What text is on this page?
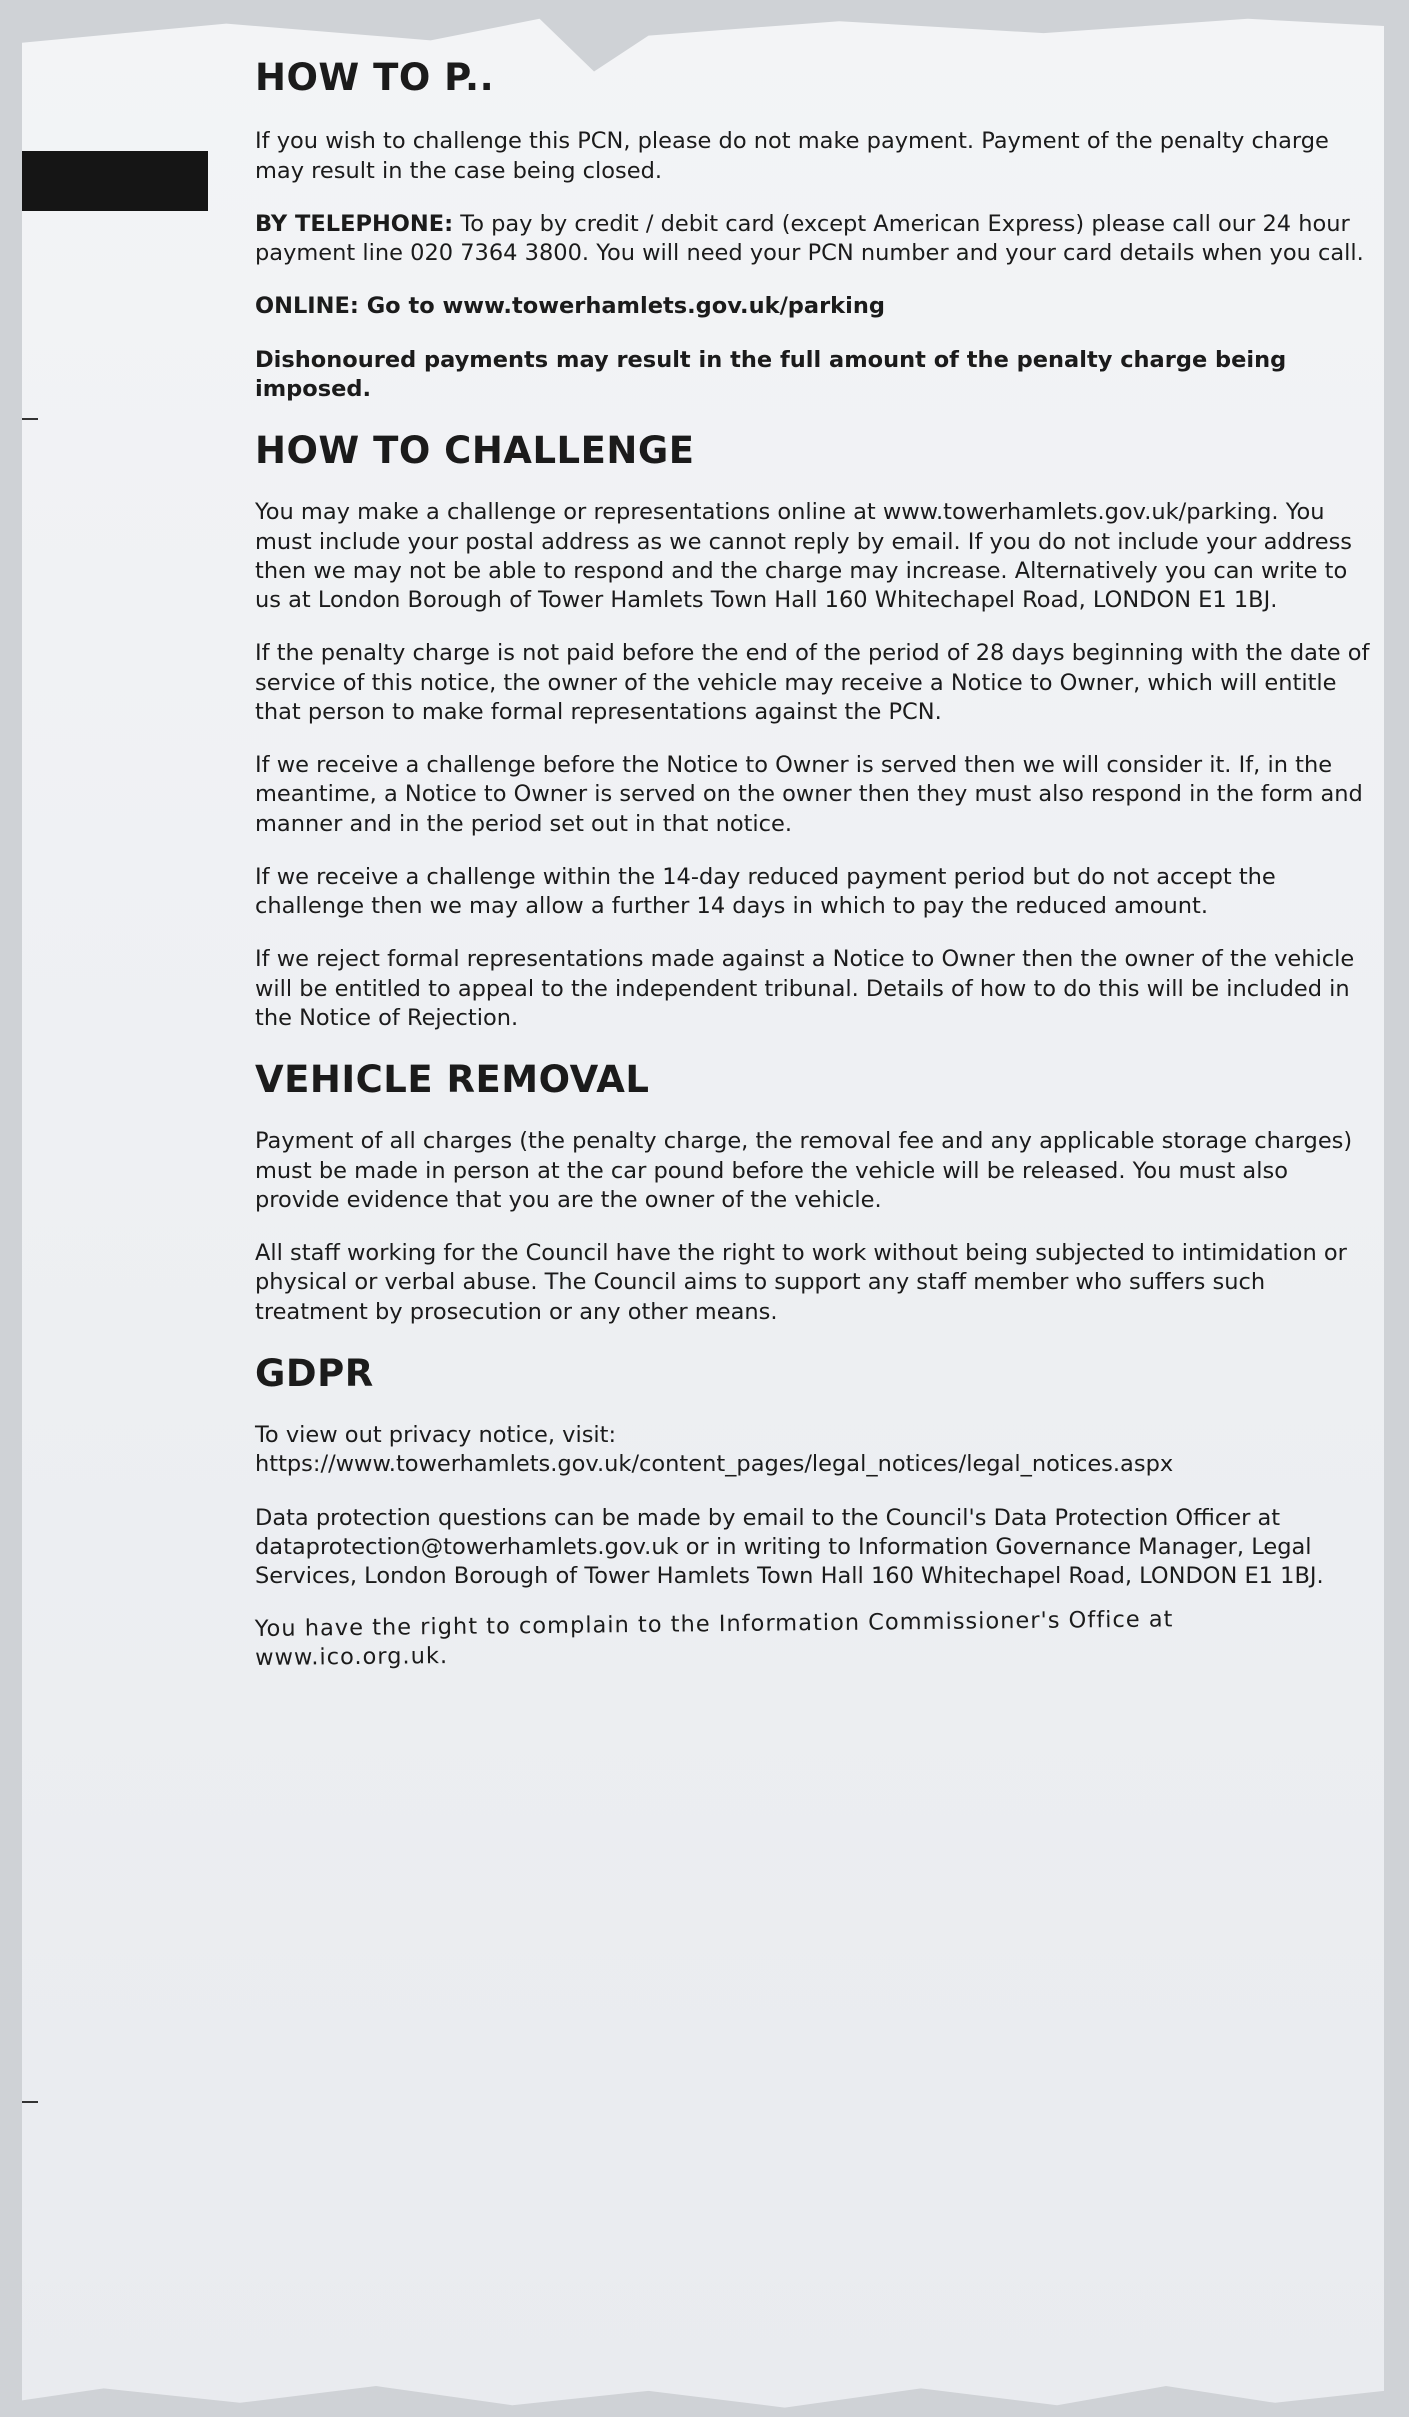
HOW TO P..

If you wish to challenge this PCN, please do not make payment. Payment of the penalty charge may result in the case being closed.

BY TELEPHONE: To pay by credit / debit card (except American Express) please call our 24 hour payment line 020 7364 3800. You will need your PCN number and your card details when you call.

ONLINE: Go to www.towerhamlets.gov.uk/parking

Dishonoured payments may result in the full amount of the penalty charge being imposed.

HOW TO CHALLENGE

You may make a challenge or representations online at www.towerhamlets.gov.uk/parking. You must include your postal address as we cannot reply by email. If you do not include your address then we may not be able to respond and the charge may increase. Alternatively you can write to us at London Borough of Tower Hamlets Town Hall 160 Whitechapel Road, LONDON E1 1BJ.

If the penalty charge is not paid before the end of the period of 28 days beginning with the date of service of this notice, the owner of the vehicle may receive a Notice to Owner, which will entitle that person to make formal representations against the PCN.

If we receive a challenge before the Notice to Owner is served then we will consider it. If, in the meantime, a Notice to Owner is served on the owner then they must also respond in the form and manner and in the period set out in that notice.

If we receive a challenge within the 14-day reduced payment period but do not accept the challenge then we may allow a further 14 days in which to pay the reduced amount.

If we reject formal representations made against a Notice to Owner then the owner of the vehicle will be entitled to appeal to the independent tribunal. Details of how to do this will be included in the Notice of Rejection.

VEHICLE REMOVAL

Payment of all charges (the penalty charge, the removal fee and any applicable storage charges) must be made in person at the car pound before the vehicle will be released. You must also provide evidence that you are the owner of the vehicle.

All staff working for the Council have the right to work without being subjected to intimidation or physical or verbal abuse. The Council aims to support any staff member who suffers such treatment by prosecution or any other means.

GDPR

To view out privacy notice, visit:
https://www.towerhamlets.gov.uk/content_pages/legal_notices/legal_notices.aspx

Data protection questions can be made by email to the Council's Data Protection Officer at dataprotection@towerhamlets.gov.uk or in writing to Information Governance Manager, Legal Services, London Borough of Tower Hamlets Town Hall 160 Whitechapel Road, LONDON E1 1BJ.

You have the right to complain to the Information Commissioner's Office at www.ico.org.uk.
